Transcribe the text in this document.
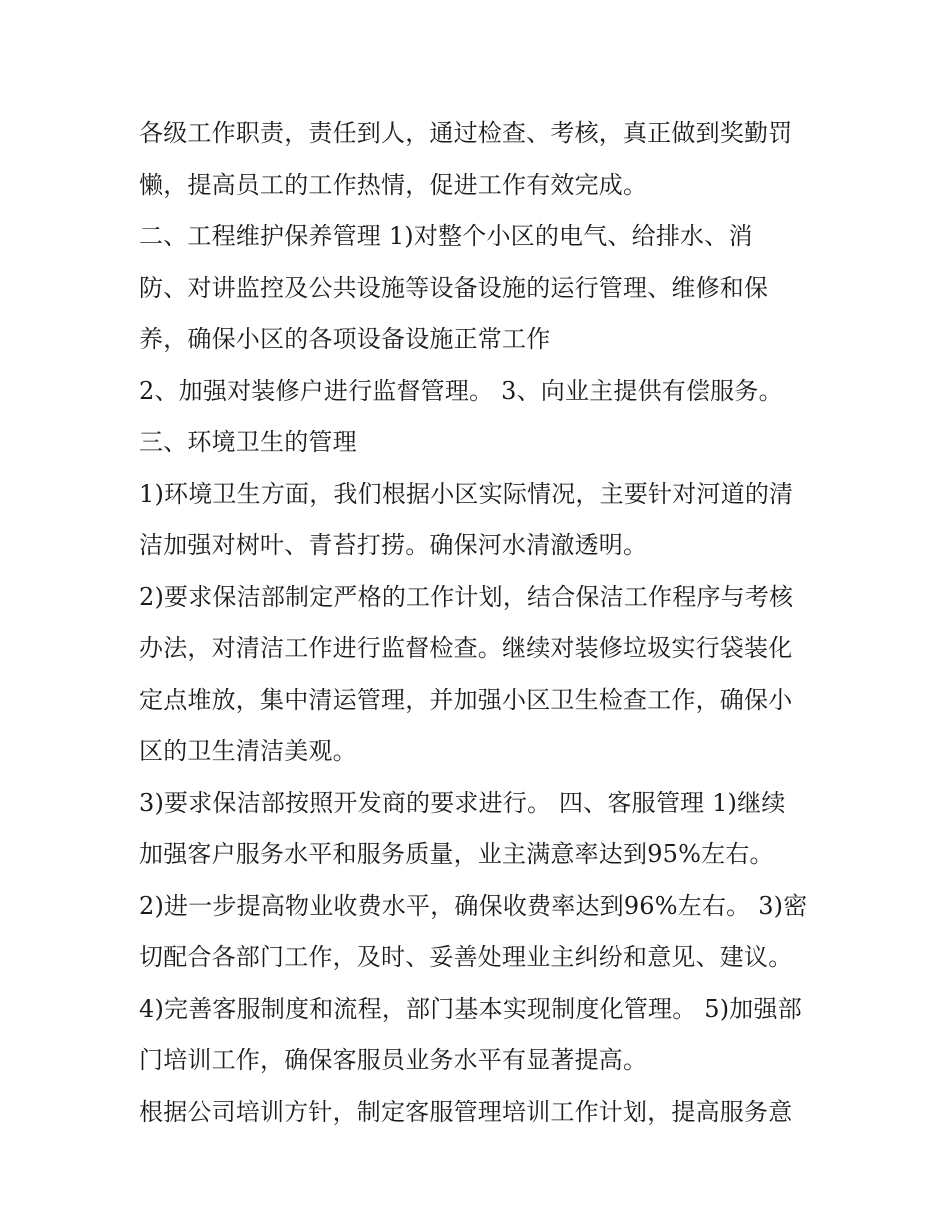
各级工作职责，责任到人，通过检查、考核，真正做到奖勤罚
懒，提高员工的工作热情，促进工作有效完成。
二、工程维护保养管理 1)对整个小区的电气、给排水、消
防、对讲监控及公共设施等设备设施的运行管理、维修和保
养，确保小区的各项设备设施正常工作
2、加强对装修户进行监督管理。 3、向业主提供有偿服务。
三、环境卫生的管理
1)环境卫生方面，我们根据小区实际情况，主要针对河道的清
洁加强对树叶、青苔打捞。确保河水清澈透明。
2)要求保洁部制定严格的工作计划，结合保洁工作程序与考核
办法，对清洁工作进行监督检查。继续对装修垃圾实行袋装化
定点堆放，集中清运管理，并加强小区卫生检查工作，确保小
区的卫生清洁美观。
3)要求保洁部按照开发商的要求进行。 四、客服管理 1)继续
加强客户服务水平和服务质量，业主满意率达到95%左右。
2)进一步提高物业收费水平，确保收费率达到96%左右。 3)密
切配合各部门工作，及时、妥善处理业主纠纷和意见、建议。
4)完善客服制度和流程，部门基本实现制度化管理。 5)加强部
门培训工作，确保客服员业务水平有显著提高。
根据公司培训方针，制定客服管理培训工作计划，提高服务意
